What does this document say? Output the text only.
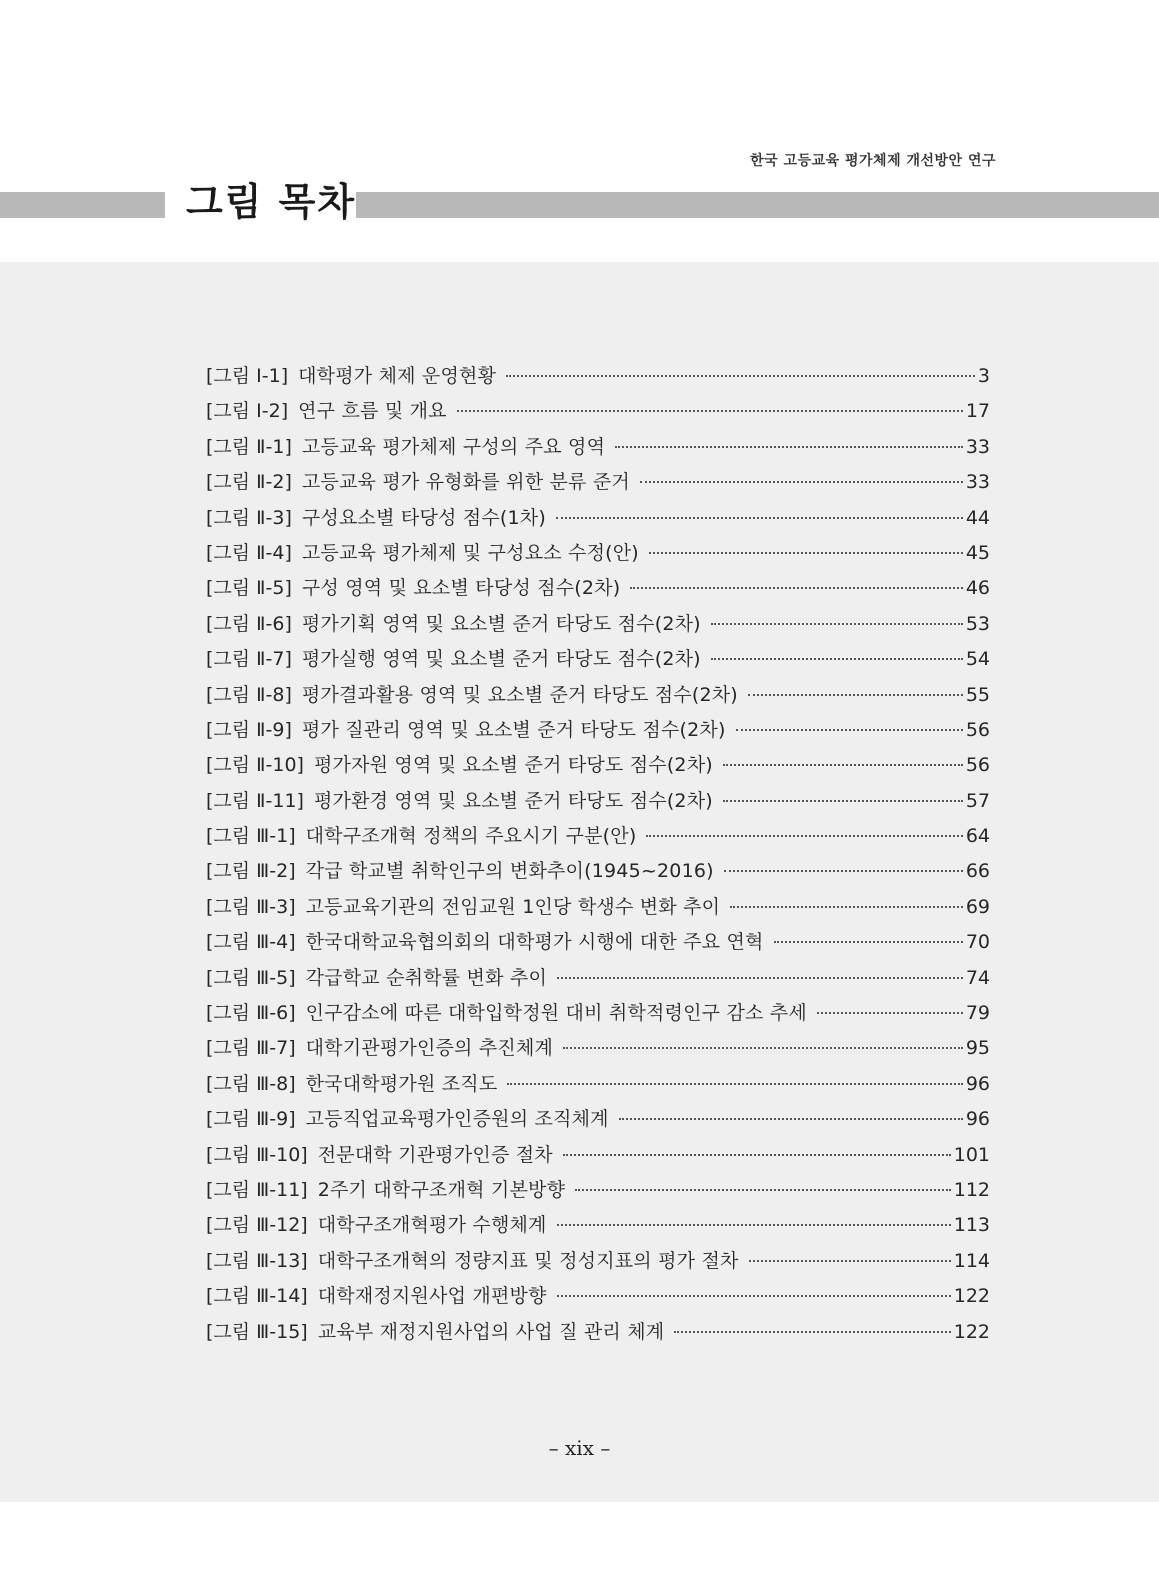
한국 고등교육 평가체제 개선방안 연구
그림 목차
[그림 Ⅰ-1] 대학평가 체제 운영현황	3
[그림 Ⅰ-2] 연구 흐름 및 개요	17
[그림 Ⅱ-1] 고등교육 평가체제 구성의 주요 영역	33
[그림 Ⅱ-2] 고등교육 평가 유형화를 위한 분류 준거	33
[그림 Ⅱ-3] 구성요소별 타당성 점수(1차)	44
[그림 Ⅱ-4] 고등교육 평가체제 및 구성요소 수정(안)	45
[그림 Ⅱ-5] 구성 영역 및 요소별 타당성 점수(2차)	46
[그림 Ⅱ-6] 평가기획 영역 및 요소별 준거 타당도 점수(2차)	53
[그림 Ⅱ-7] 평가실행 영역 및 요소별 준거 타당도 점수(2차)	54
[그림 Ⅱ-8] 평가결과활용 영역 및 요소별 준거 타당도 점수(2차)	55
[그림 Ⅱ-9] 평가 질관리 영역 및 요소별 준거 타당도 점수(2차)	56
[그림 Ⅱ-10] 평가자원 영역 및 요소별 준거 타당도 점수(2차)	56
[그림 Ⅱ-11] 평가환경 영역 및 요소별 준거 타당도 점수(2차)	57
[그림 Ⅲ-1] 대학구조개혁 정책의 주요시기 구분(안)	64
[그림 Ⅲ-2] 각급 학교별 취학인구의 변화추이(1945~2016)	66
[그림 Ⅲ-3] 고등교육기관의 전임교원 1인당 학생수 변화 추이	69
[그림 Ⅲ-4] 한국대학교육협의회의 대학평가 시행에 대한 주요 연혁	70
[그림 Ⅲ-5] 각급학교 순취학률 변화 추이	74
[그림 Ⅲ-6] 인구감소에 따른 대학입학정원 대비 취학적령인구 감소 추세	79
[그림 Ⅲ-7] 대학기관평가인증의 추진체계	95
[그림 Ⅲ-8] 한국대학평가원 조직도	96
[그림 Ⅲ-9] 고등직업교육평가인증원의 조직체계	96
[그림 Ⅲ-10] 전문대학 기관평가인증 절차	101
[그림 Ⅲ-11] 2주기 대학구조개혁 기본방향	112
[그림 Ⅲ-12] 대학구조개혁평가 수행체계	113
[그림 Ⅲ-13] 대학구조개혁의 정량지표 및 정성지표의 평가 절차	114
[그림 Ⅲ-14] 대학재정지원사업 개편방향	122
[그림 Ⅲ-15] 교육부 재정지원사업의 사업 질 관리 체계	122
– xix –
